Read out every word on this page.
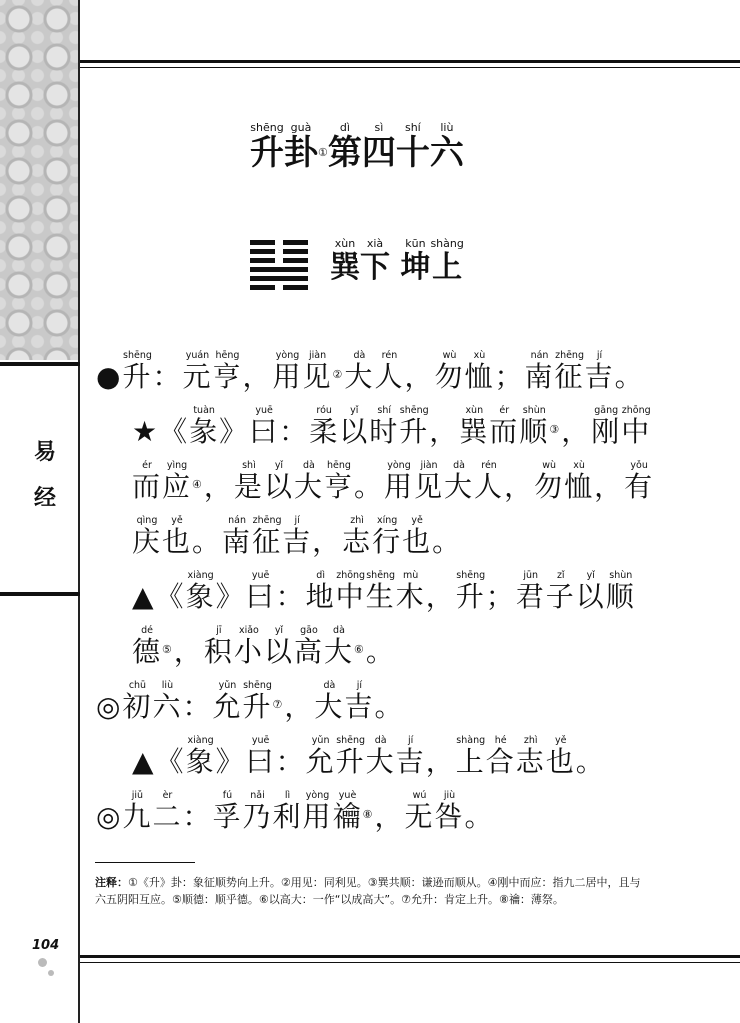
易
经
104
升shēng卦guà①第dì四sì十shí六liù
巽xùn下xià  坤kūn上shàng
● 升shēng： 元yuán亨hēng， 用yòng见jiàn②大dà人rén， 勿wù恤xù； 南nán征zhēng吉jí。
★ 《 彖tuàn》 曰yuē： 柔róu以yǐ时shí升shēng， 巽xùn而ér顺shùn③， 刚gāng中zhōng
而ér应yìng④， 是shì以yǐ大dà亨hēng。 用yòng见jiàn大dà人rén， 勿wù恤xù， 有yǒu
庆qìng也yě。 南nán征zhēng吉jí， 志zhì行xíng也yě。
▲ 《 象xiàng》 曰yuē： 地dì中zhōng生shēng木mù， 升shēng； 君jūn子zǐ以yǐ顺shùn
德dé⑤， 积jī小xiǎo以yǐ高gāo大dà⑥。
◎ 初chū六liù： 允yǔn升shēng⑦， 大dà吉jí。
▲ 《 象xiàng》 曰yuē： 允yǔn升shēng大dà吉jí， 上shàng合hé志zhì也yě。
◎ 九jiǔ二èr： 孚fú乃nǎi利lì用yòng禴yuè⑧， 无wú咎jiù。
注释：①《升》卦：象征顺势向上升。②用见：同利见。③巽共顺：谦逊而顺从。④刚中而应：指九二居中，且与六五阴阳互应。⑤顺德：顺乎德。⑥以高大：一作“以成高大”。⑦允升：肯定上升。⑧禴：薄祭。
